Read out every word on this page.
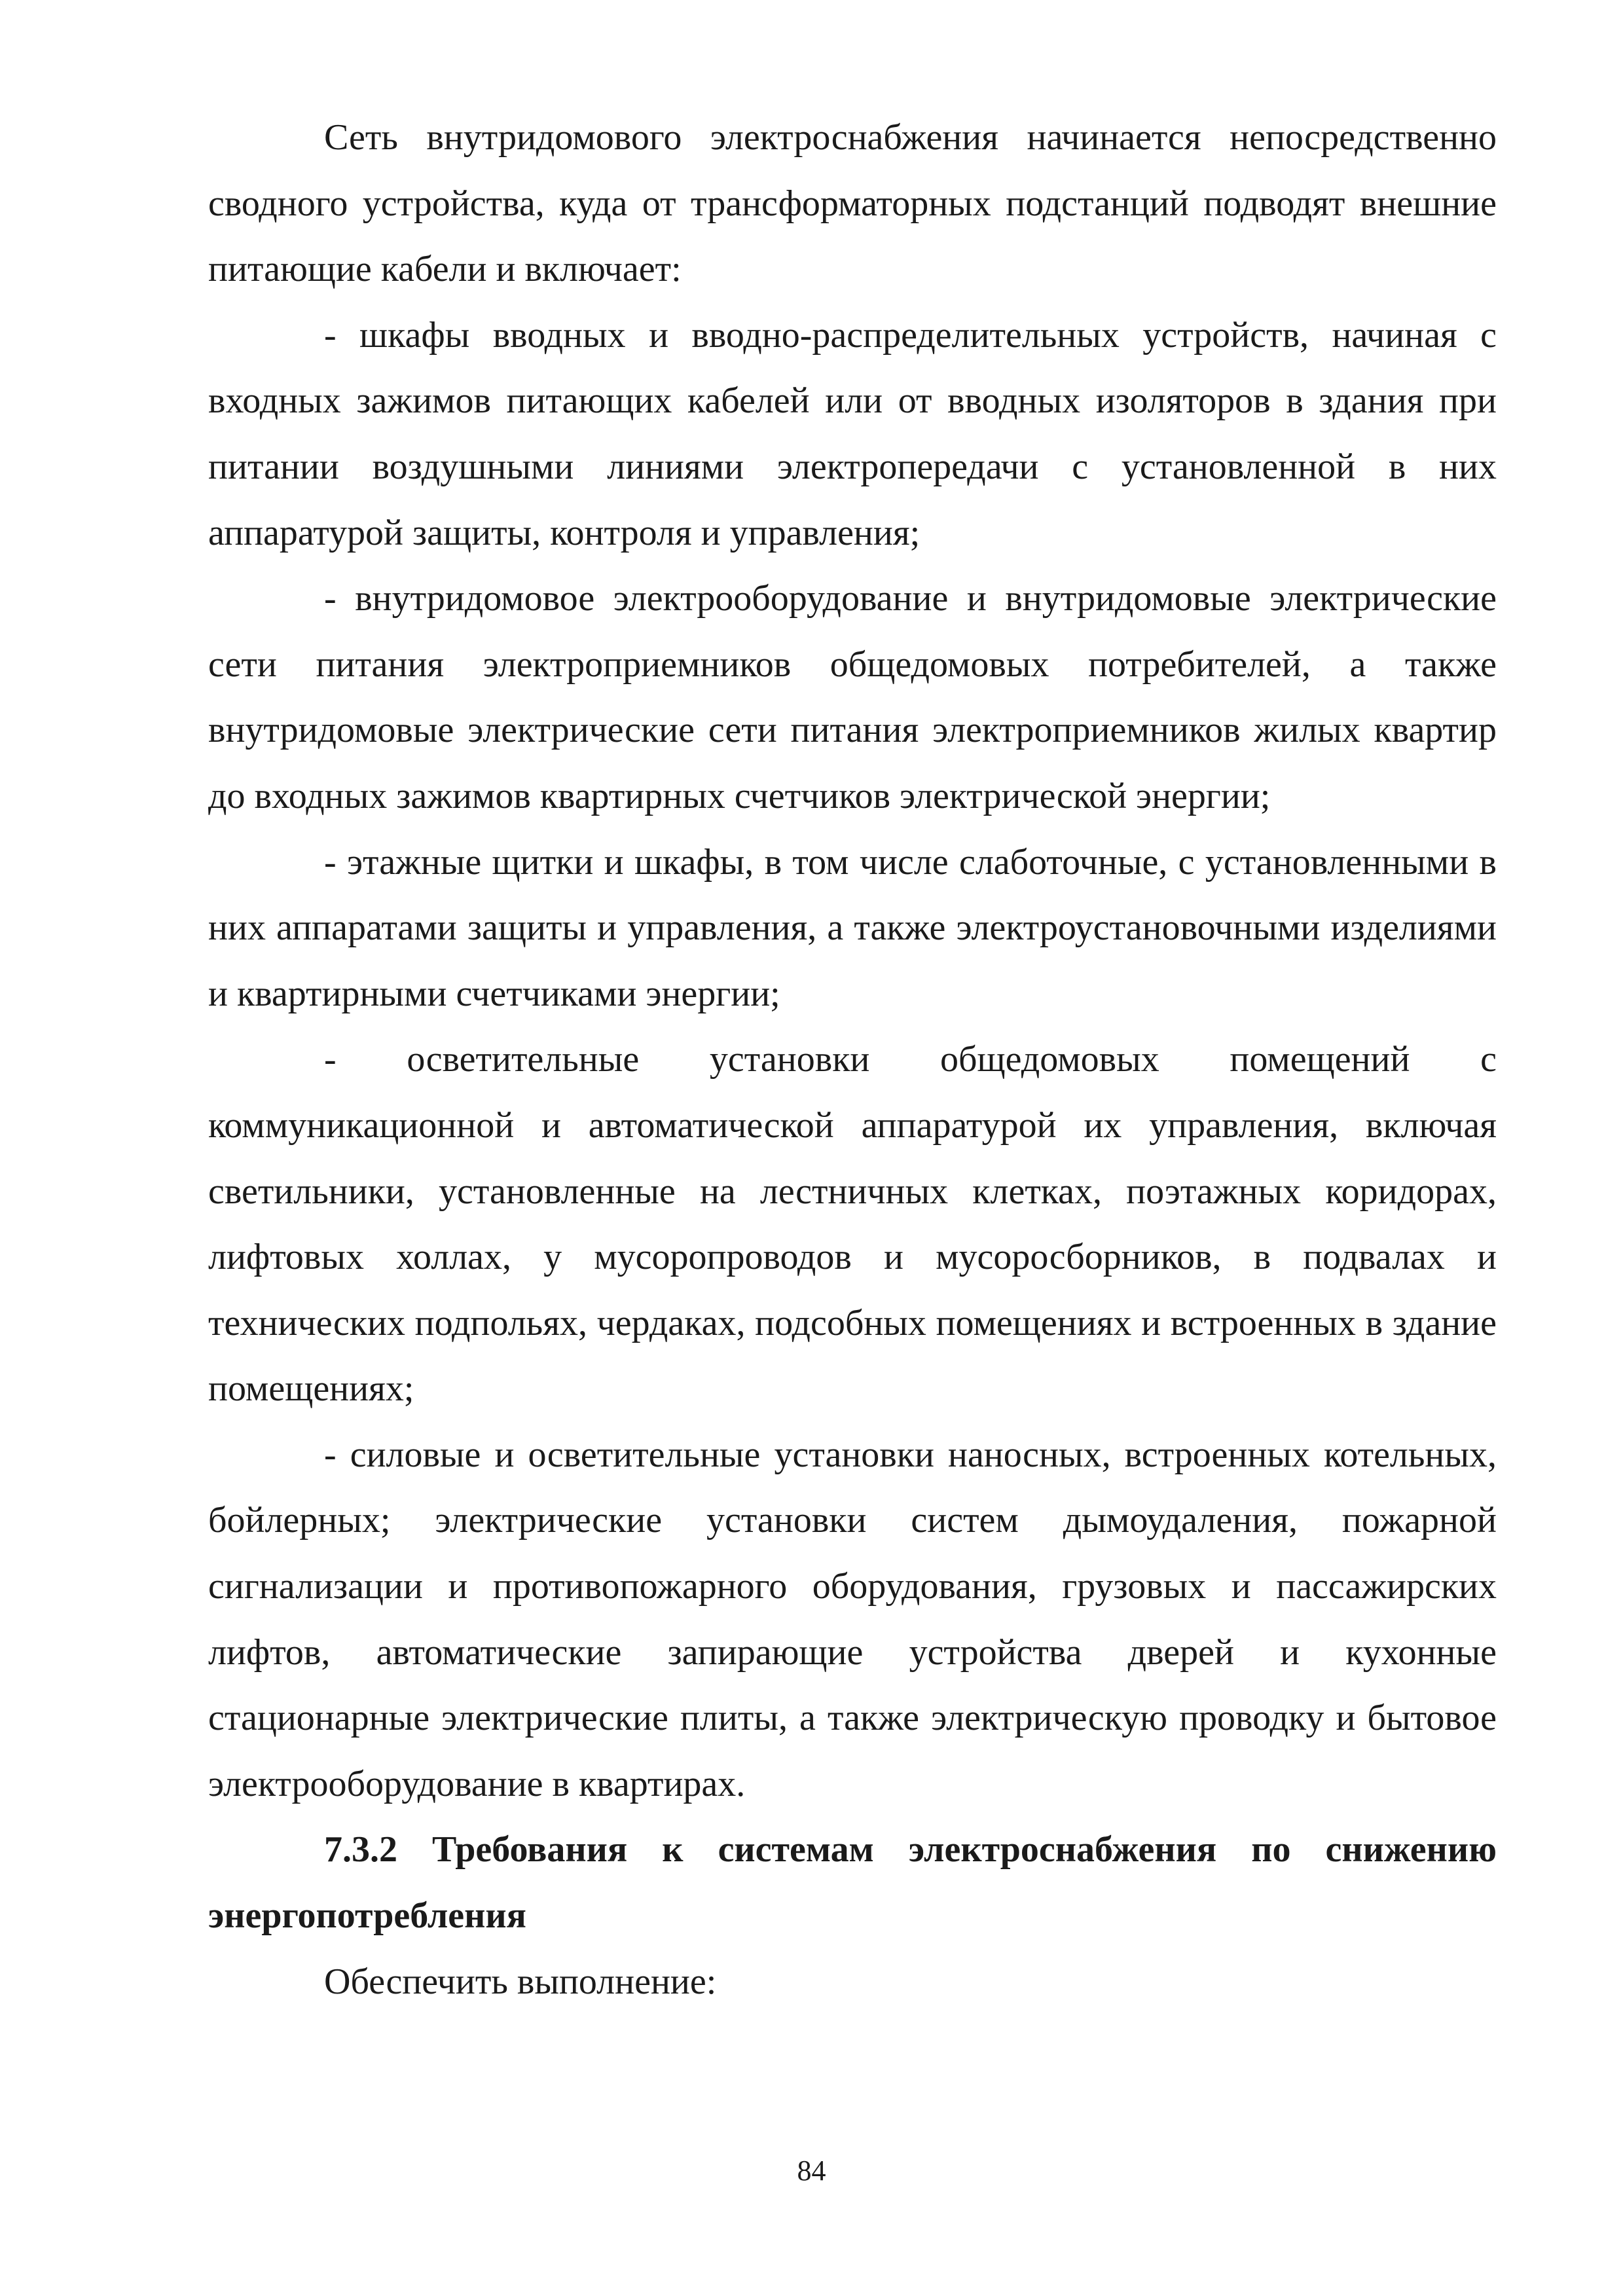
Сеть внутридомового электроснабжения начинается непосредственно сводного устройства, куда от трансформаторных подстанций подводят внешние питающие кабели и включает:

- шкафы вводных и вводно-распределительных устройств, начиная с входных зажимов питающих кабелей или от вводных изоляторов в здания при питании воздушными линиями электропередачи с установленной в них аппаратурой защиты, контроля и управления;

- внутридомовое электрооборудование и внутридомовые электрические сети питания электроприемников общедомовых потребителей, а также внутридомовые электрические сети питания электроприемников жилых квартир до входных зажимов квартирных счетчиков электрической энергии;

- этажные щитки и шкафы, в том числе слаботочные, с установленными в них аппаратами защиты и управления, а также электроустановочными изделиями и квартирными счетчиками энергии;

- осветительные установки общедомовых помещений с коммуникационной и автоматической аппаратурой их управления, включая светильники, установленные на лестничных клетках, поэтажных коридорах, лифтовых холлах, у мусоропроводов и мусоросборников, в подвалах и технических подпольях, чердаках, подсобных помещениях и встроенных в здание помещениях;

- силовые и осветительные установки наносных, встроенных котельных, бойлерных; электрические установки систем дымоудаления, пожарной сигнализации и противопожарного оборудования, грузовых и пассажирских лифтов, автоматические запирающие устройства дверей и кухонные стационарные электрические плиты, а также электрическую проводку и бытовое электрооборудование в квартирах.

7.3.2 Требования к системам электроснабжения по снижению энергопотребления

Обеспечить выполнение:

84
